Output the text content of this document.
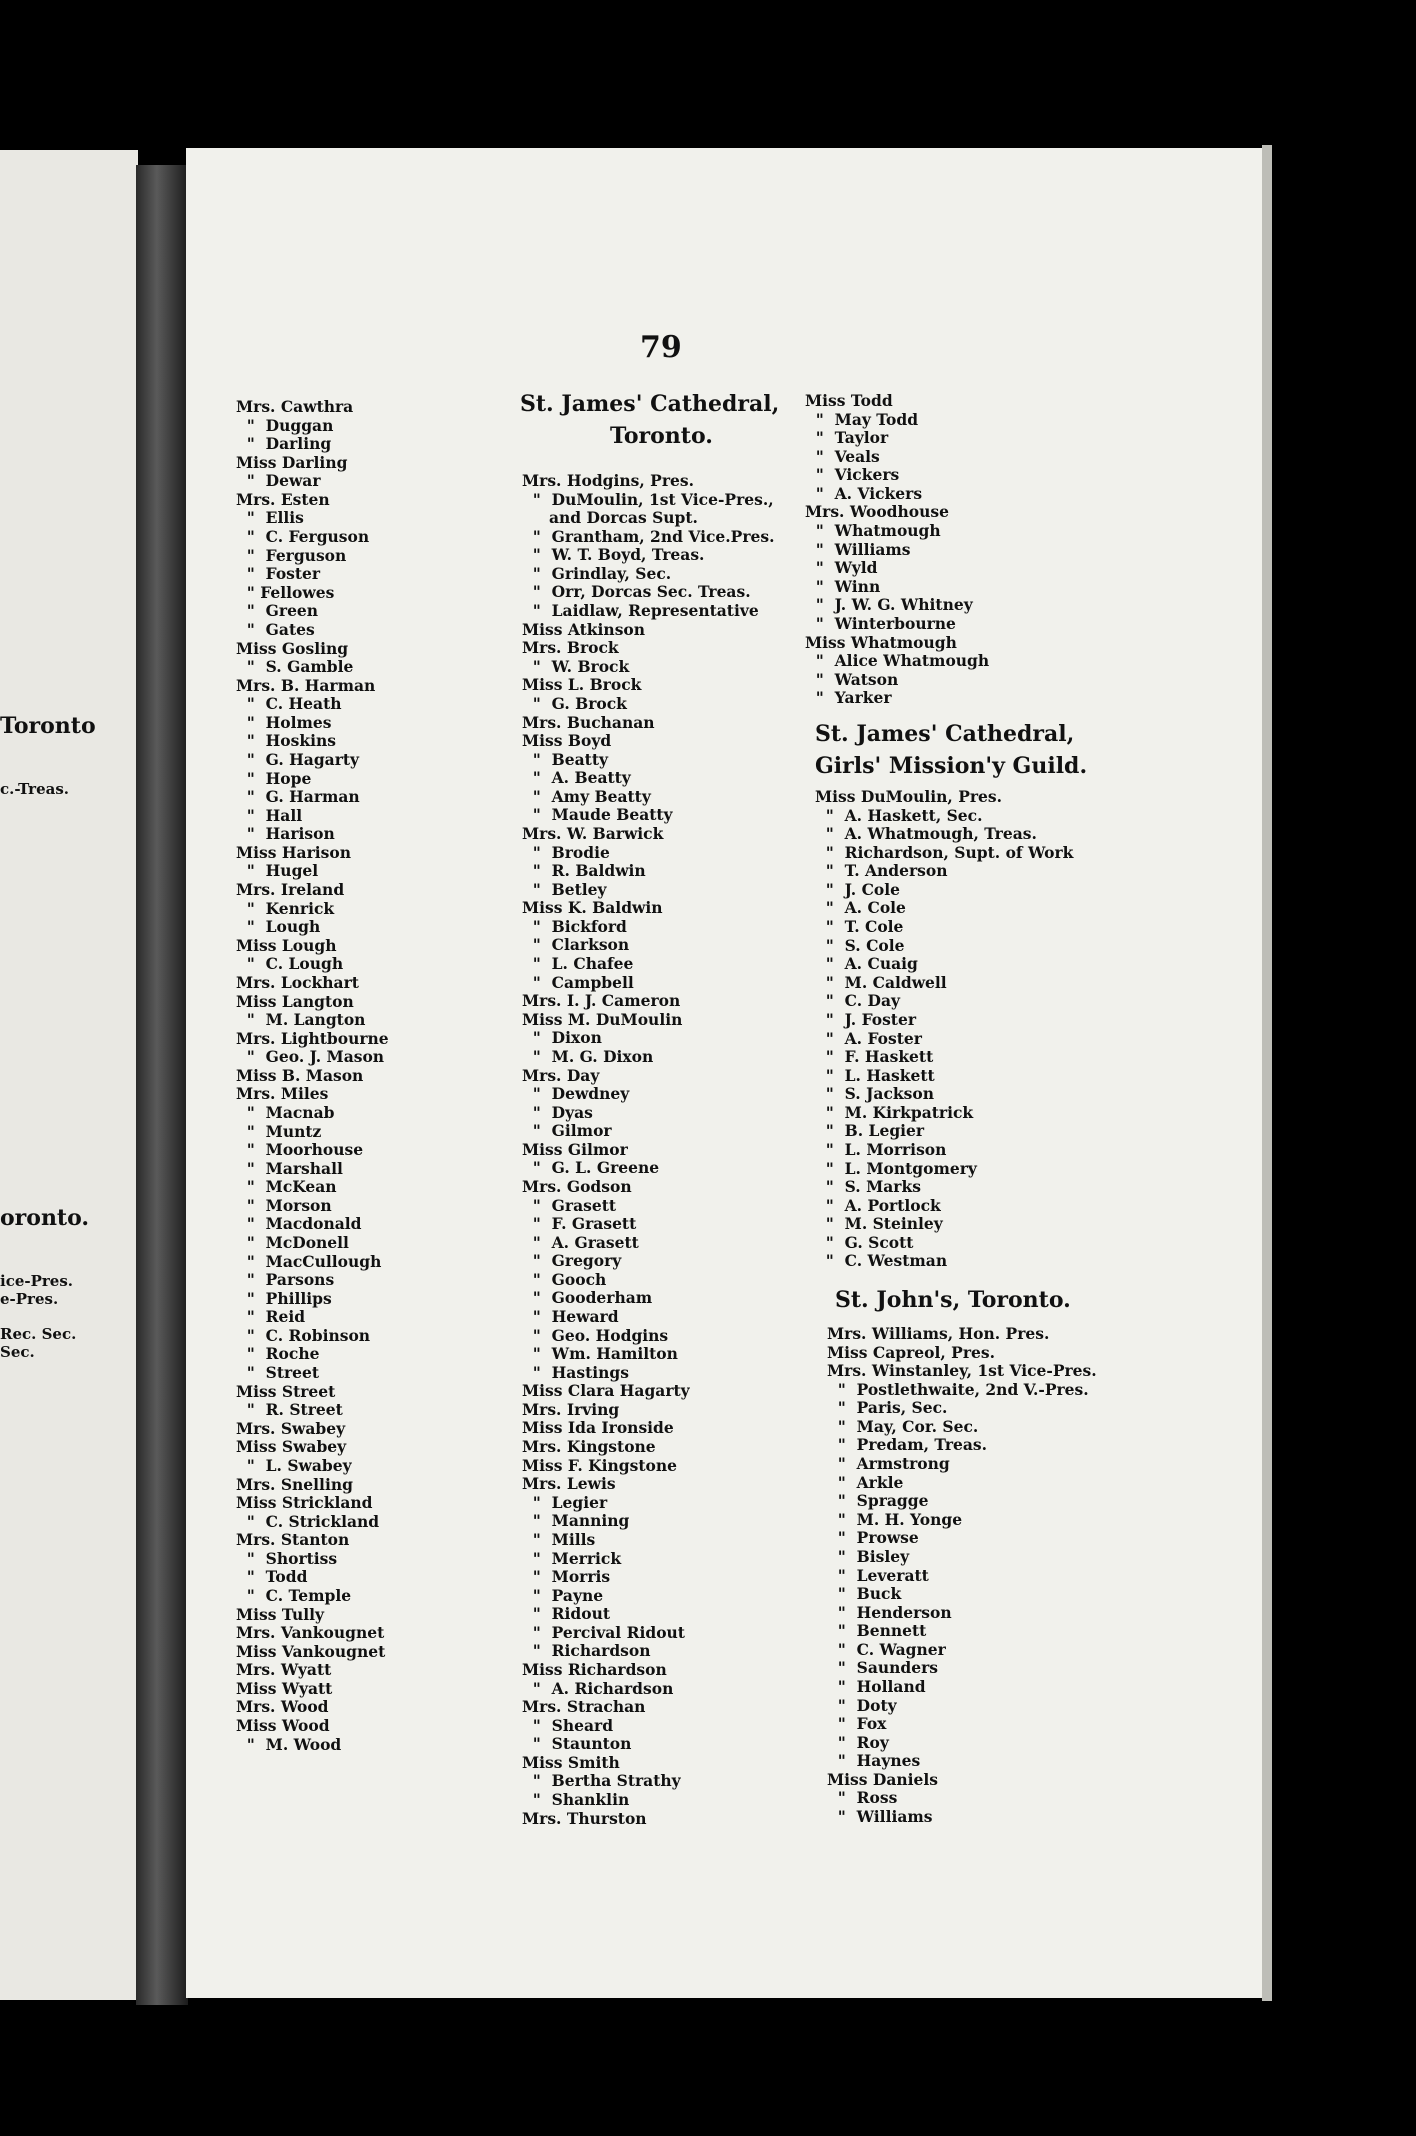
Toronto
c.-Treas.
oronto.
ice-Pres.
e-Pres.
Rec. Sec.
Sec.
79
Mrs. Cawthra
"  Duggan
"  Darling
Miss Darling
"  Dewar
Mrs. Esten
"  Ellis
"  C. Ferguson
"  Ferguson
"  Foster
" Fellowes
"  Green
"  Gates
Miss Gosling
"  S. Gamble
Mrs. B. Harman
"  C. Heath
"  Holmes
"  Hoskins
"  G. Hagarty
"  Hope
"  G. Harman
"  Hall
"  Harison
Miss Harison
"  Hugel
Mrs. Ireland
"  Kenrick
"  Lough
Miss Lough
"  C. Lough
Mrs. Lockhart
Miss Langton
"  M. Langton
Mrs. Lightbourne
"  Geo. J. Mason
Miss B. Mason
Mrs. Miles
"  Macnab
"  Muntz
"  Moorhouse
"  Marshall
"  McKean
"  Morson
"  Macdonald
"  McDonell
"  MacCullough
"  Parsons
"  Phillips
"  Reid
"  C. Robinson
"  Roche
"  Street
Miss Street
"  R. Street
Mrs. Swabey
Miss Swabey
"  L. Swabey
Mrs. Snelling
Miss Strickland
"  C. Strickland
Mrs. Stanton
"  Shortiss
"  Todd
"  C. Temple
Miss Tully
Mrs. Vankougnet
Miss Vankougnet
Mrs. Wyatt
Miss Wyatt
Mrs. Wood
Miss Wood
"  M. Wood
St. James' Cathedral,
Toronto.
Mrs. Hodgins, Pres.
"  DuMoulin, 1st Vice-Pres.,
and Dorcas Supt.
"  Grantham, 2nd Vice.Pres.
"  W. T. Boyd, Treas.
"  Grindlay, Sec.
"  Orr, Dorcas Sec. Treas.
"  Laidlaw, Representative
Miss Atkinson
Mrs. Brock
"  W. Brock
Miss L. Brock
"  G. Brock
Mrs. Buchanan
Miss Boyd
"  Beatty
"  A. Beatty
"  Amy Beatty
"  Maude Beatty
Mrs. W. Barwick
"  Brodie
"  R. Baldwin
"  Betley
Miss K. Baldwin
"  Bickford
"  Clarkson
"  L. Chafee
"  Campbell
Mrs. I. J. Cameron
Miss M. DuMoulin
"  Dixon
"  M. G. Dixon
Mrs. Day
"  Dewdney
"  Dyas
"  Gilmor
Miss Gilmor
"  G. L. Greene
Mrs. Godson
"  Grasett
"  F. Grasett
"  A. Grasett
"  Gregory
"  Gooch
"  Gooderham
"  Heward
"  Geo. Hodgins
"  Wm. Hamilton
"  Hastings
Miss Clara Hagarty
Mrs. Irving
Miss Ida Ironside
Mrs. Kingstone
Miss F. Kingstone
Mrs. Lewis
"  Legier
"  Manning
"  Mills
"  Merrick
"  Morris
"  Payne
"  Ridout
"  Percival Ridout
"  Richardson
Miss Richardson
"  A. Richardson
Mrs. Strachan
"  Sheard
"  Staunton
Miss Smith
"  Bertha Strathy
"  Shanklin
Mrs. Thurston
Miss Todd
"  May Todd
"  Taylor
"  Veals
"  Vickers
"  A. Vickers
Mrs. Woodhouse
"  Whatmough
"  Williams
"  Wyld
"  Winn
"  J. W. G. Whitney
"  Winterbourne
Miss Whatmough
"  Alice Whatmough
"  Watson
"  Yarker
St. James' Cathedral,
Girls' Mission'y Guild.
Miss DuMoulin, Pres.
"  A. Haskett, Sec.
"  A. Whatmough, Treas.
"  Richardson, Supt. of Work
"  T. Anderson
"  J. Cole
"  A. Cole
"  T. Cole
"  S. Cole
"  A. Cuaig
"  M. Caldwell
"  C. Day
"  J. Foster
"  A. Foster
"  F. Haskett
"  L. Haskett
"  S. Jackson
"  M. Kirkpatrick
"  B. Legier
"  L. Morrison
"  L. Montgomery
"  S. Marks
"  A. Portlock
"  M. Steinley
"  G. Scott
"  C. Westman
St. John's, Toronto.
Mrs. Williams, Hon. Pres.
Miss Capreol, Pres.
Mrs. Winstanley, 1st Vice-Pres.
"  Postlethwaite, 2nd V.-Pres.
"  Paris, Sec.
"  May, Cor. Sec.
"  Predam, Treas.
"  Armstrong
"  Arkle
"  Spragge
"  M. H. Yonge
"  Prowse
"  Bisley
"  Leveratt
"  Buck
"  Henderson
"  Bennett
"  C. Wagner
"  Saunders
"  Holland
"  Doty
"  Fox
"  Roy
"  Haynes
Miss Daniels
"  Ross
"  Williams
